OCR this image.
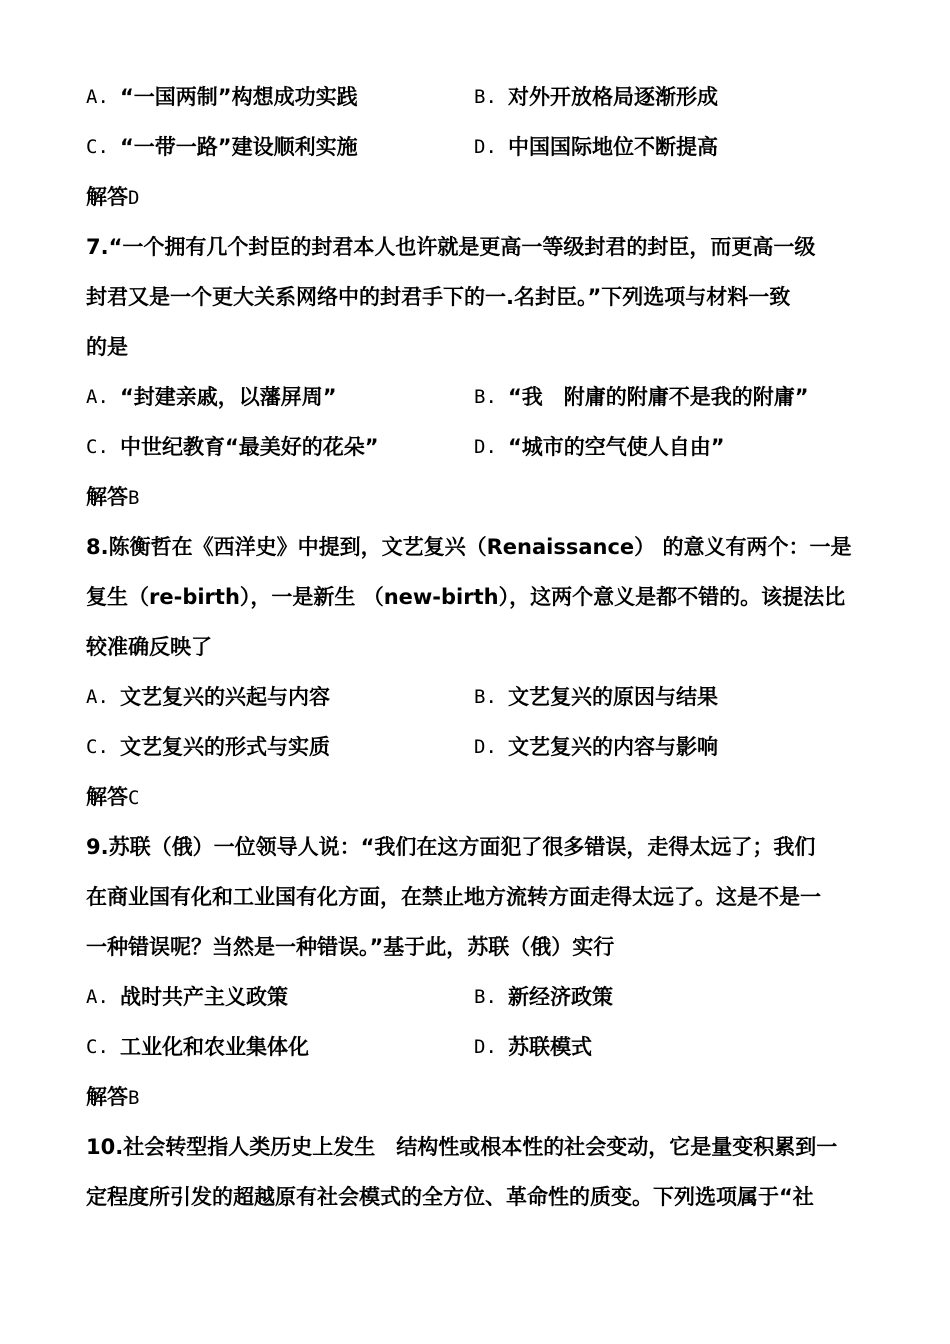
A. “一国两制”构想成功实践	B. 对外开放格局逐渐形成
C. “一带一路”建设顺利实施	D. 中国国际地位不断提高
解答D
7.“一个拥有几个封臣的封君本人也许就是更高一等级封君的封臣，而更高一级
封君又是一个更大关系网络中的封君手下的一.名封臣。”下列选项与材料一致
的是
A. “封建亲戚，以藩屏周”	B. “我　附庸的附庸不是我的附庸”
C. 中世纪教育“最美好的花朵”	D. “城市的空气使人自由”
解答B
8.陈衡哲在《西洋史》中提到，文艺复兴（Renaissance） 的意义有两个：一是
复生（re-birth），一是新生 （new-birth），这两个意义是都不错的。该提法比
较准确反映了
A. 文艺复兴的兴起与内容	B. 文艺复兴的原因与结果
C. 文艺复兴的形式与实质	D. 文艺复兴的内容与影响
解答C
9.苏联（俄）一位领导人说：“我们在这方面犯了很多错误，走得太远了；我们
在商业国有化和工业国有化方面，在禁止地方流转方面走得太远了。这是不是一
一种错误呢？当然是一种错误。”基于此，苏联（俄）实行
A. 战时共产主义政策	B. 新经济政策
C. 工业化和农业集体化	D. 苏联模式
解答B
10.社会转型指人类历史上发生　结构性或根本性的社会变动，它是量变积累到一
定程度所引发的超越原有社会模式的全方位、革命性的质变。下列选项属于“社
